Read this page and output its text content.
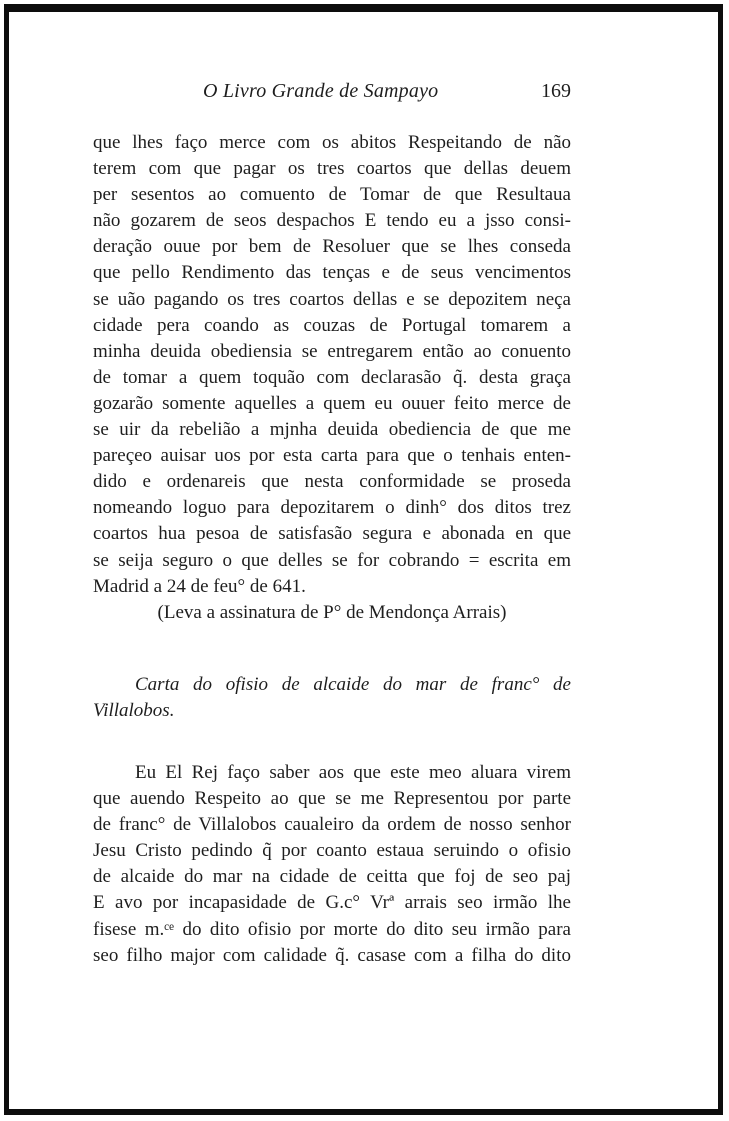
O Livro Grande de Sampayo	169
que lhes faço merce com os abitos Respeitando de não
terem com que pagar os tres coartos que dellas deuem
per sesentos ao comuento de Tomar de que Resultaua
não gozarem de seos despachos E tendo eu a jsso consi-
deração ouue por bem de Resoluer que se lhes conseda
que pello Rendimento das tenças e de seus vencimentos
se uão pagando os tres coartos dellas e se depozitem neça
cidade pera coando as couzas de Portugal tomarem a
minha deuida obediensia se entregarem então ao conuento
de tomar a quem toquão com declarasão q̃. desta graça
gozarão somente aquelles a quem eu ouuer feito merce de
se uir da rebelião a mjnha deuida obediencia de que me
pareçeo auisar uos por esta carta para que o tenhais enten-
dido e ordenareis que nesta conformidade se proseda
nomeando loguo para depozitarem o dinh° dos ditos trez
coartos hua pesoa de satisfasão segura e abonada en que
se seija seguro o que delles se for cobrando = escrita em
Madrid a 24 de feu° de 641.
(Leva a assinatura de P° de Mendonça Arrais)
Carta do ofisio de alcaide do mar de franc° de
Villalobos.
Eu El Rej faço saber aos que este meo aluara virem
que auendo Respeito ao que se me Representou por parte
de franc° de Villalobos caualeiro da ordem de nosso senhor
Jesu Cristo pedindo q̃ por coanto estaua seruindo o ofisio
de alcaide do mar na cidade de ceitta que foj de seo paj
E avo por incapasidade de G.c° Vrª arrais seo irmão lhe
fisese m.ᶜᵉ do dito ofisio por morte do dito seu irmão para
seo filho major com calidade q̃. casase com a filha do dito
